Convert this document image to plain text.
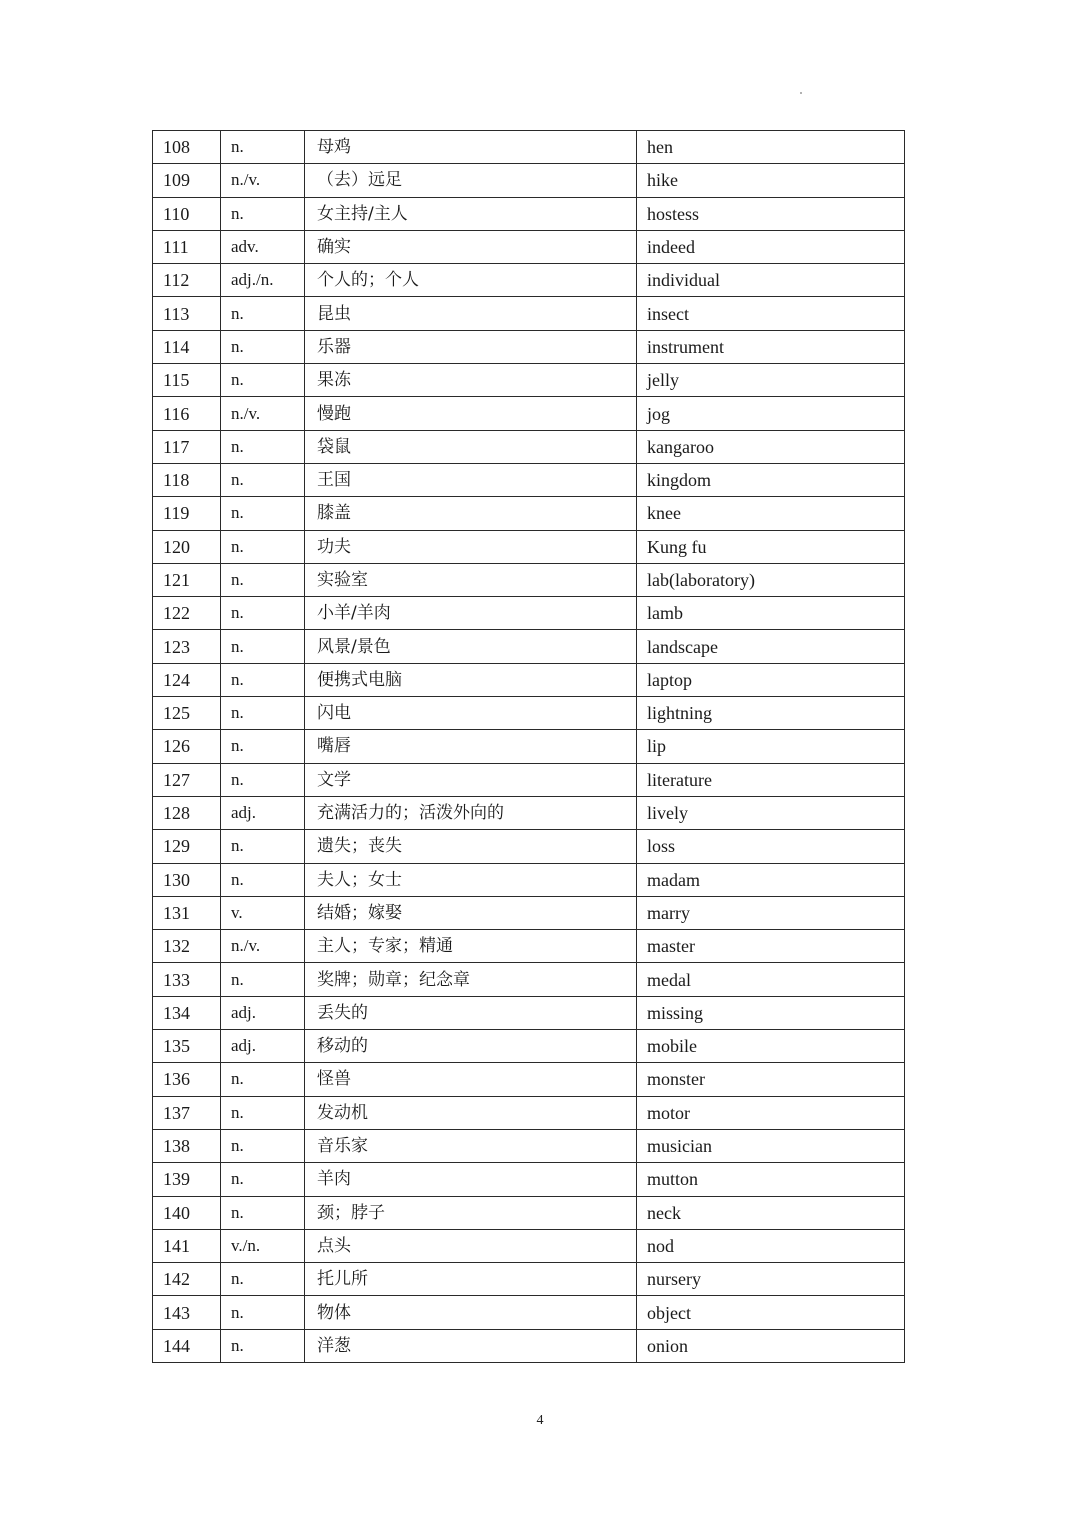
108	n.	母鸡	hen
109	n./v.	（去）远足	hike
110	n.	女主持/主人	hostess
111	adv.	确实	indeed
112	adj./n.	个人的；个人	individual
113	n.	昆虫	insect
114	n.	乐器	instrument
115	n.	果冻	jelly
116	n./v.	慢跑	jog
117	n.	袋鼠	kangaroo
118	n.	王国	kingdom
119	n.	膝盖	knee
120	n.	功夫	Kung fu
121	n.	实验室	lab(laboratory)
122	n.	小羊/羊肉	lamb
123	n.	风景/景色	landscape
124	n.	便携式电脑	laptop
125	n.	闪电	lightning
126	n.	嘴唇	lip
127	n.	文学	literature
128	adj.	充满活力的；活泼外向的	lively
129	n.	遗失；丧失	loss
130	n.	夫人；女士	madam
131	v.	结婚；嫁娶	marry
132	n./v.	主人；专家；精通	master
133	n.	奖牌；勋章；纪念章	medal
134	adj.	丢失的	missing
135	adj.	移动的	mobile
136	n.	怪兽	monster
137	n.	发动机	motor
138	n.	音乐家	musician
139	n.	羊肉	mutton
140	n.	颈；脖子	neck
141	v./n.	点头	nod
142	n.	托儿所	nursery
143	n.	物体	object
144	n.	洋葱	onion
4
